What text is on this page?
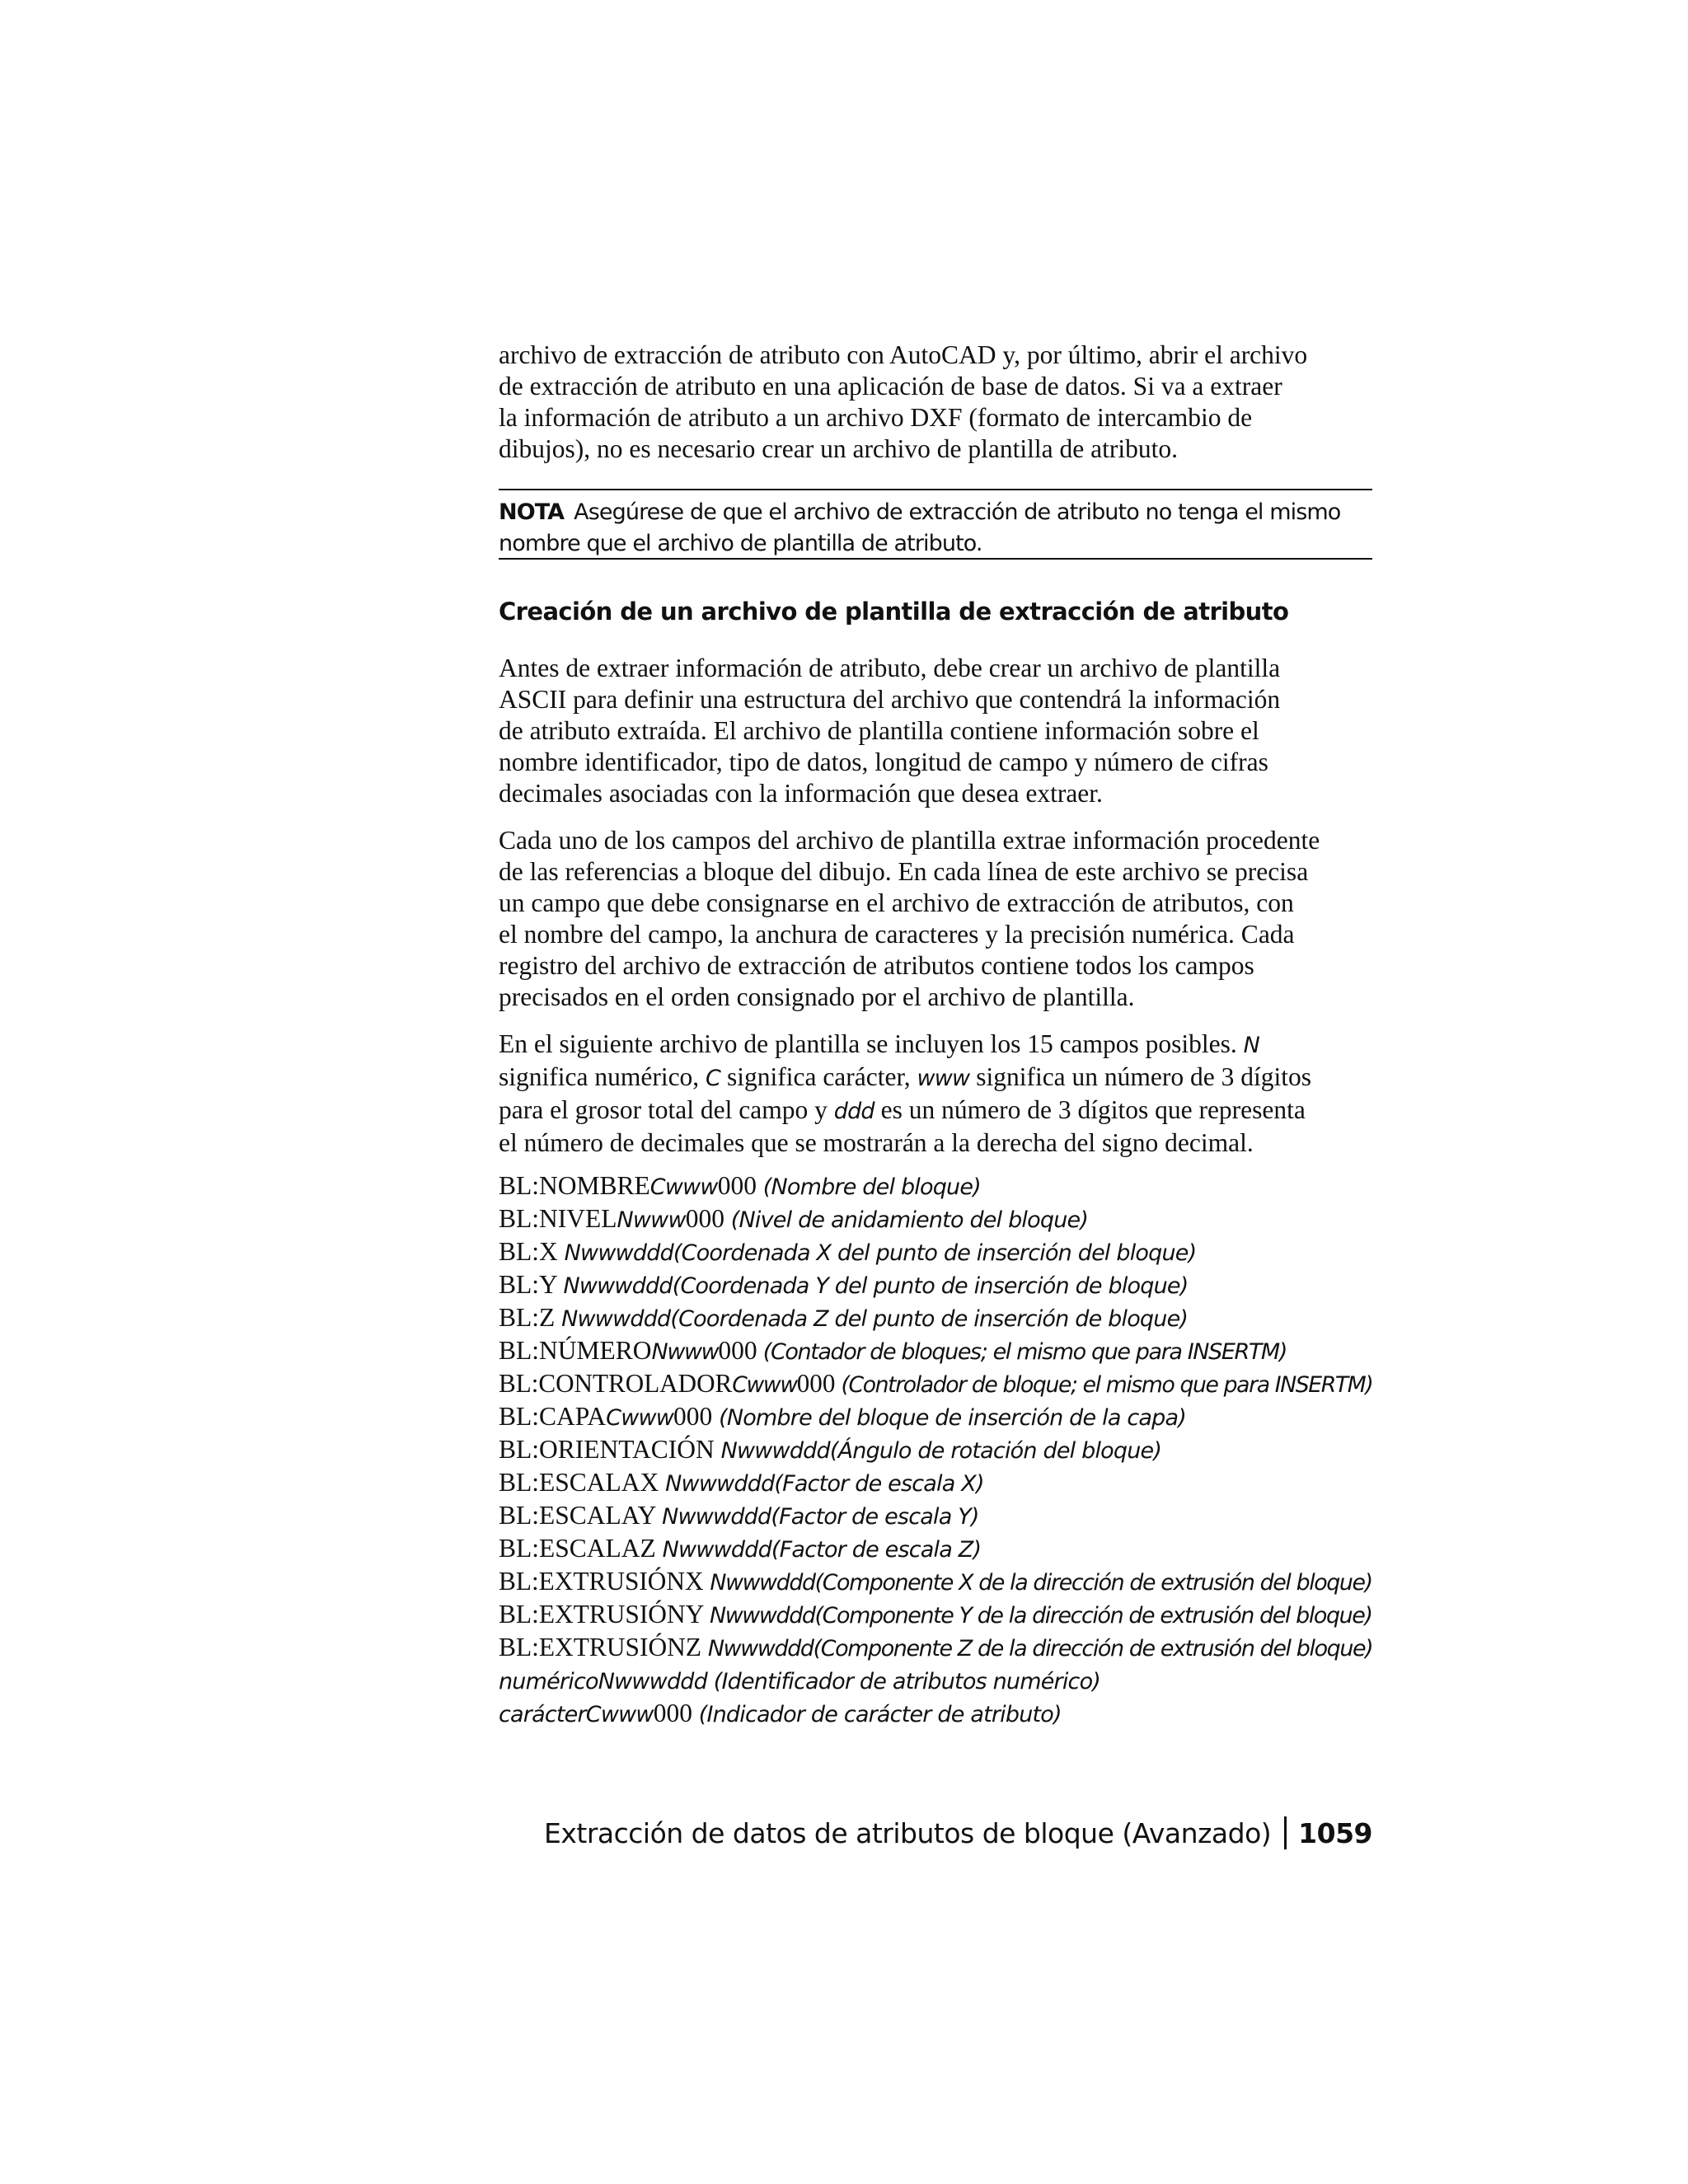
archivo de extracción de atributo con AutoCAD y, por último, abrir el archivo
de extracción de atributo en una aplicación de base de datos. Si va a extraer
la información de atributo a un archivo DXF (formato de intercambio de
dibujos), no es necesario crear un archivo de plantilla de atributo.

NOTA Asegúrese de que el archivo de extracción de atributo no tenga el mismo
nombre que el archivo de plantilla de atributo.
Creación de un archivo de plantilla de extracción de atributo

Antes de extraer información de atributo, debe crear un archivo de plantilla
ASCII para definir una estructura del archivo que contendrá la información
de atributo extraída. El archivo de plantilla contiene información sobre el
nombre identificador, tipo de datos, longitud de campo y número de cifras
decimales asociadas con la información que desea extraer.

Cada uno de los campos del archivo de plantilla extrae información procedente
de las referencias a bloque del dibujo. En cada línea de este archivo se precisa
un campo que debe consignarse en el archivo de extracción de atributos, con
el nombre del campo, la anchura de caracteres y la precisión numérica. Cada
registro del archivo de extracción de atributos contiene todos los campos
precisados en el orden consignado por el archivo de plantilla.

En el siguiente archivo de plantilla se incluyen los 15 campos posibles. N
significa numérico, C significa carácter, www significa un número de 3 dígitos
para el grosor total del campo y ddd es un número de 3 dígitos que representa
el número de decimales que se mostrarán a la derecha del signo decimal.

BL:NOMBRECwww000 (Nombre del bloque)
BL:NIVELNwww000 (Nivel de anidamiento del bloque)
BL:X Nwwwddd(Coordenada X del punto de inserción del bloque)
BL:Y Nwwwddd(Coordenada Y del punto de inserción de bloque)
BL:Z Nwwwddd(Coordenada Z del punto de inserción de bloque)
BL:NÚMERONwww000 (Contador de bloques; el mismo que para INSERTM)
BL:CONTROLADORCwww000 (Controlador de bloque; el mismo que para INSERTM)
BL:CAPACwww000 (Nombre del bloque de inserción de la capa)
BL:ORIENTACIÓN Nwwwddd(Ángulo de rotación del bloque)
BL:ESCALAX Nwwwddd(Factor de escala X)
BL:ESCALAY Nwwwddd(Factor de escala Y)
BL:ESCALAZ Nwwwddd(Factor de escala Z)
BL:EXTRUSIÓNX Nwwwddd(Componente X de la dirección de extrusión del bloque)
BL:EXTRUSIÓNY Nwwwddd(Componente Y de la dirección de extrusión del bloque)
BL:EXTRUSIÓNZ Nwwwddd(Componente Z de la dirección de extrusión del bloque)
numéricoNwwwddd (Identificador de atributos numérico)
carácterCwww000 (Indicador de carácter de atributo)
Extracción de datos de atributos de bloque (Avanzado) 1059
